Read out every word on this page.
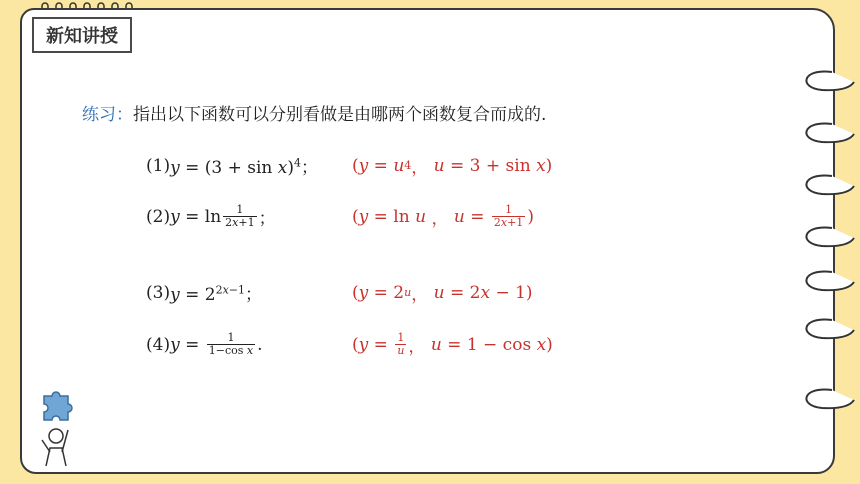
新知讲授
练习：指出以下函数可以分别看做是由哪两个函数复合而成的.
(1) $y = (3 + \sin x)^4$； ( y = u 4 ， u = 3 + sin x )
(2) $y = \ln \frac{1}{2x+1}$ ；	( y = ln u ， $u = \frac{1}{2x+1}$ )
(3) $y = 2^{2x-1}$；	( y = 2 u ， u = 2 x − 1)
(4) $y = \frac{1}{\text{1−cos x}}$ .	( $y = \frac{1}{u}$ ， u = 1 − cos x )
